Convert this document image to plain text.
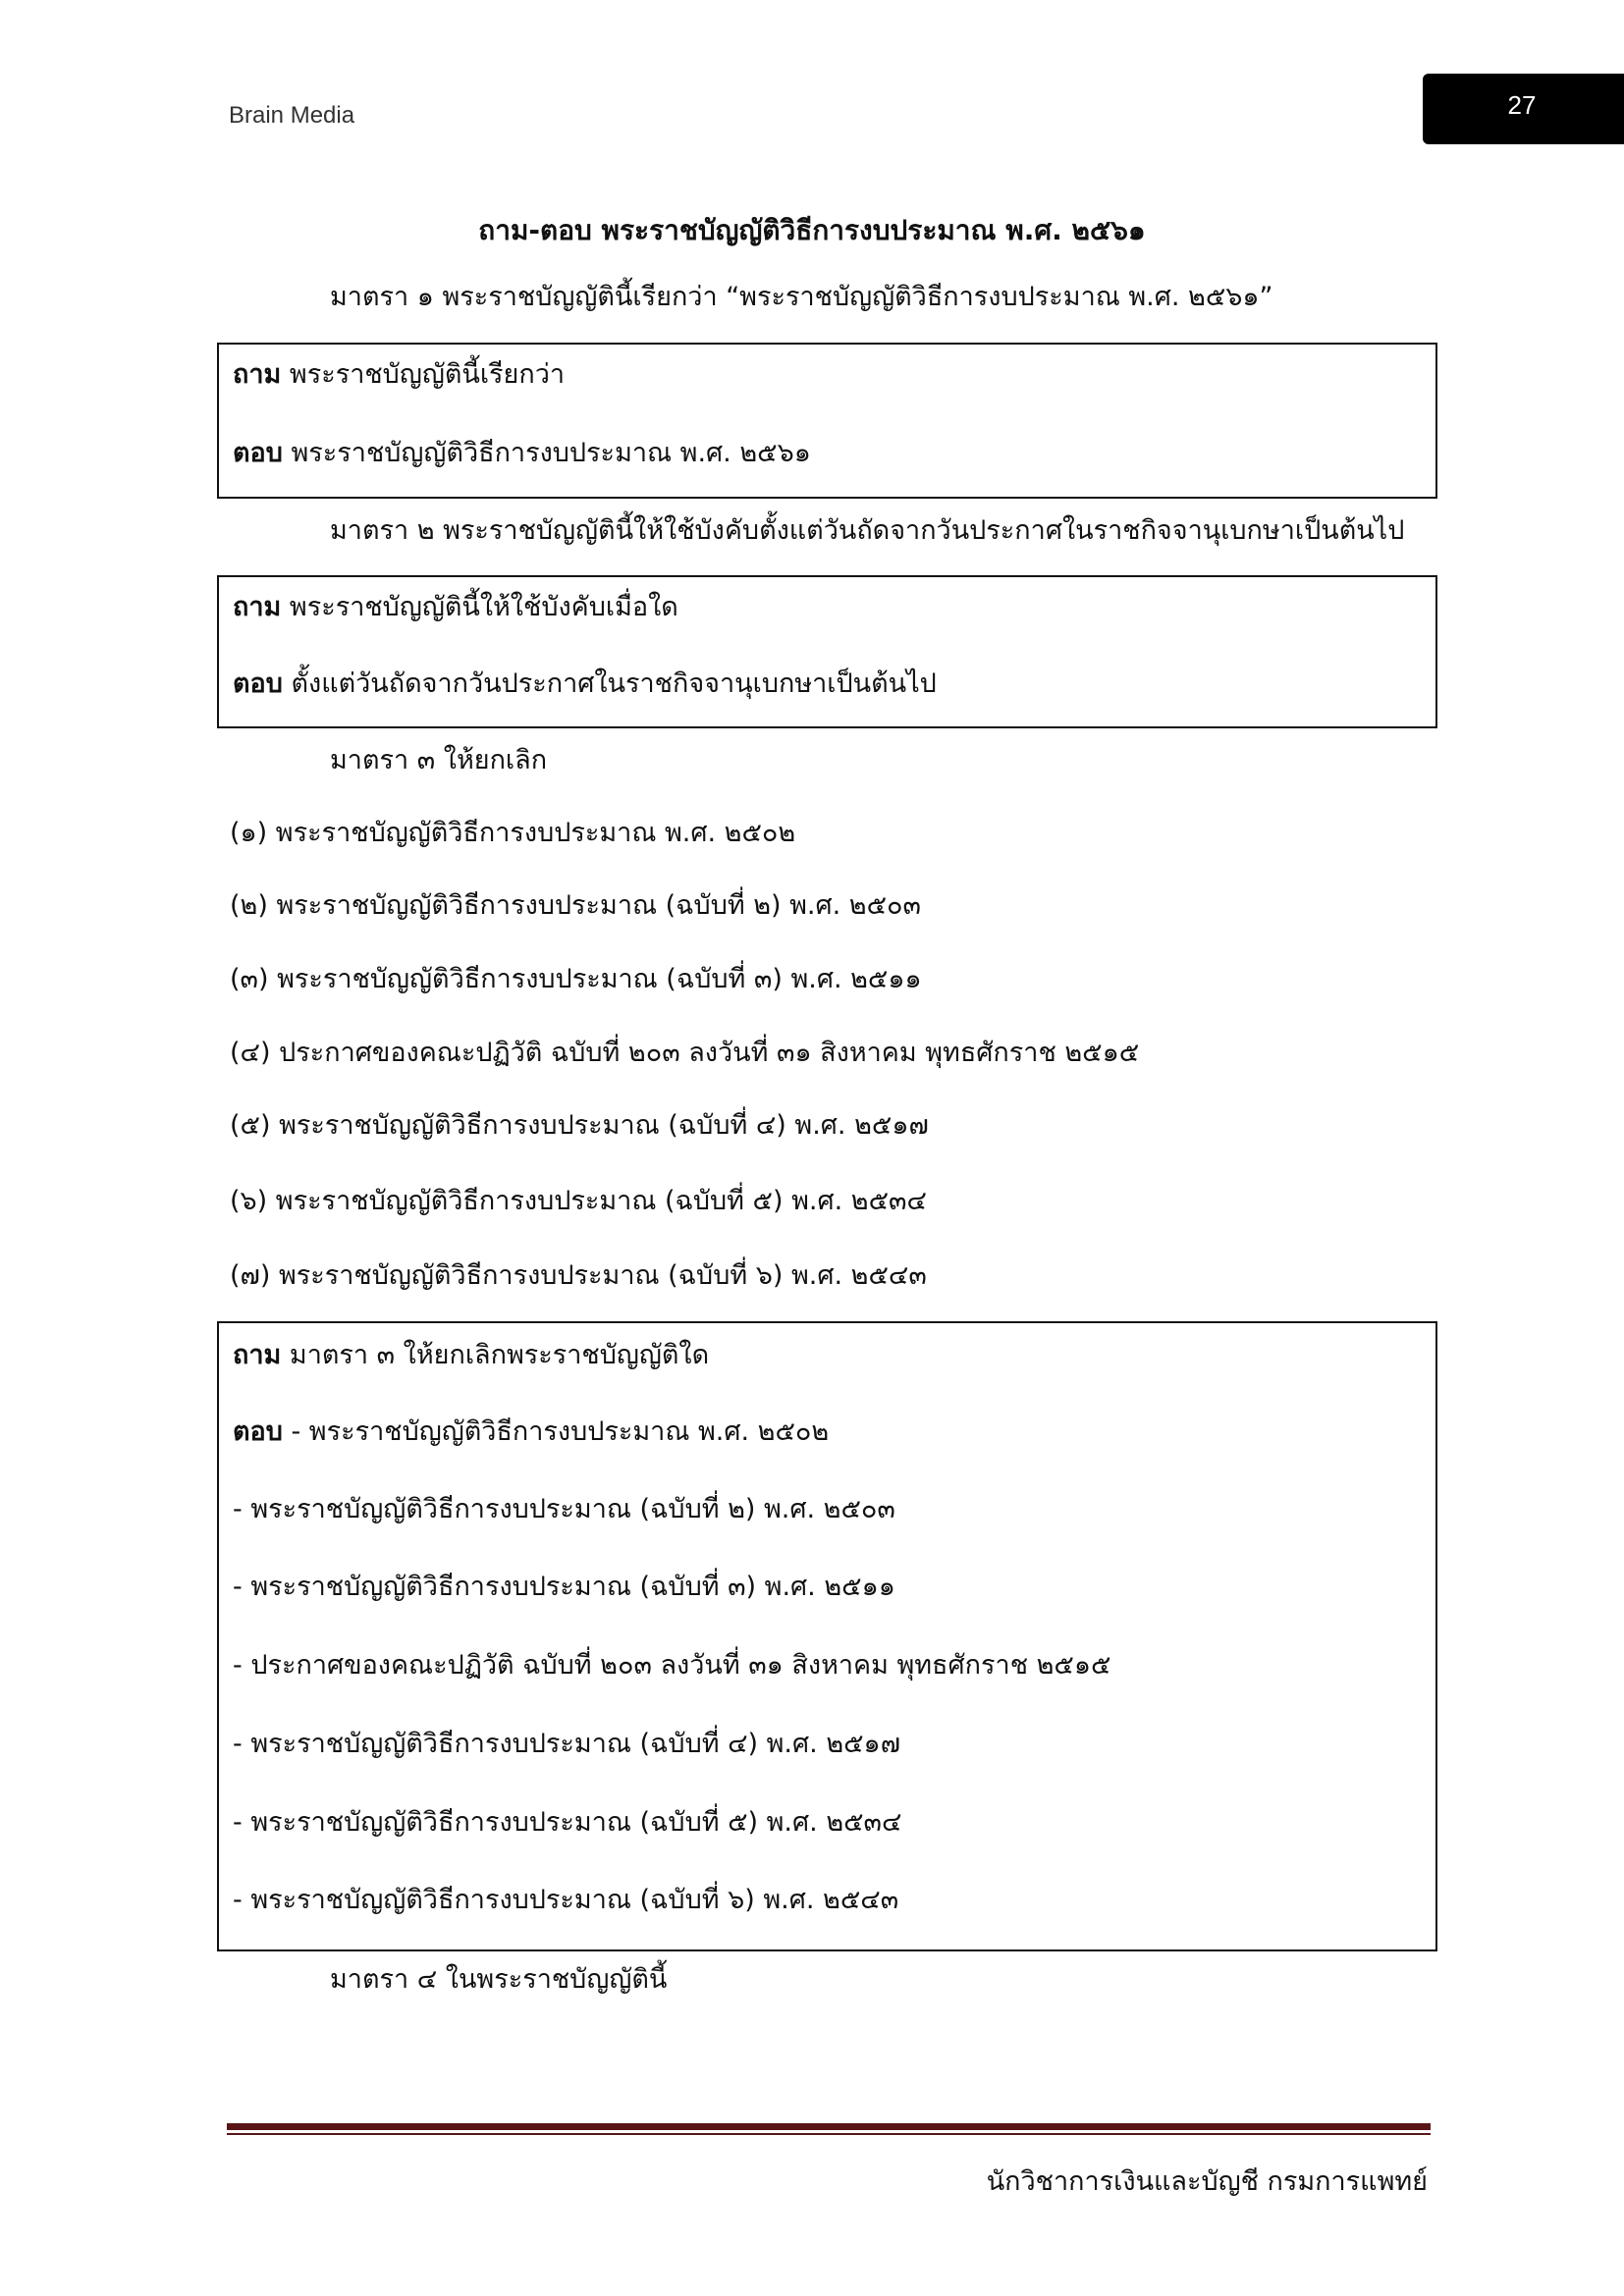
Brain Media	27
ถาม-ตอบ พระราชบัญญัติวิธีการงบประมาณ พ.ศ. ๒๕๖๑
มาตรา ๑ พระราชบัญญัตินี้เรียกว่า “พระราชบัญญัติวิธีการงบประมาณ พ.ศ. ๒๕๖๑”
ถาม พระราชบัญญัตินี้เรียกว่า
ตอบ พระราชบัญญัติวิธีการงบประมาณ พ.ศ. ๒๕๖๑
มาตรา ๒ พระราชบัญญัตินี้ให้ใช้บังคับตั้งแต่วันถัดจากวันประกาศในราชกิจจานุเบกษาเป็นต้นไป
ถาม พระราชบัญญัตินี้ให้ใช้บังคับเมื่อใด
ตอบ ตั้งแต่วันถัดจากวันประกาศในราชกิจจานุเบกษาเป็นต้นไป
มาตรา ๓ ให้ยกเลิก
(๑) พระราชบัญญัติวิธีการงบประมาณ พ.ศ. ๒๕๐๒
(๒) พระราชบัญญัติวิธีการงบประมาณ (ฉบับที่ ๒) พ.ศ. ๒๕๐๓
(๓) พระราชบัญญัติวิธีการงบประมาณ (ฉบับที่ ๓) พ.ศ. ๒๕๑๑
(๔) ประกาศของคณะปฏิวัติ ฉบับที่ ๒๐๓ ลงวันที่ ๓๑ สิงหาคม พุทธศักราช ๒๕๑๕
(๕) พระราชบัญญัติวิธีการงบประมาณ (ฉบับที่ ๔) พ.ศ. ๒๕๑๗
(๖) พระราชบัญญัติวิธีการงบประมาณ (ฉบับที่ ๕) พ.ศ. ๒๕๓๔
(๗) พระราชบัญญัติวิธีการงบประมาณ (ฉบับที่ ๖) พ.ศ. ๒๕๔๓
ถาม มาตรา ๓ ให้ยกเลิกพระราชบัญญัติใด
ตอบ - พระราชบัญญัติวิธีการงบประมาณ พ.ศ. ๒๕๐๒
- พระราชบัญญัติวิธีการงบประมาณ (ฉบับที่ ๒) พ.ศ. ๒๕๐๓
- พระราชบัญญัติวิธีการงบประมาณ (ฉบับที่ ๓) พ.ศ. ๒๕๑๑
- ประกาศของคณะปฏิวัติ ฉบับที่ ๒๐๓ ลงวันที่ ๓๑ สิงหาคม พุทธศักราช ๒๕๑๕
- พระราชบัญญัติวิธีการงบประมาณ (ฉบับที่ ๔) พ.ศ. ๒๕๑๗
- พระราชบัญญัติวิธีการงบประมาณ (ฉบับที่ ๕) พ.ศ. ๒๕๓๔
- พระราชบัญญัติวิธีการงบประมาณ (ฉบับที่ ๖) พ.ศ. ๒๕๔๓
มาตรา ๔ ในพระราชบัญญัตินี้
นักวิชาการเงินและบัญชี กรมการแพทย์
